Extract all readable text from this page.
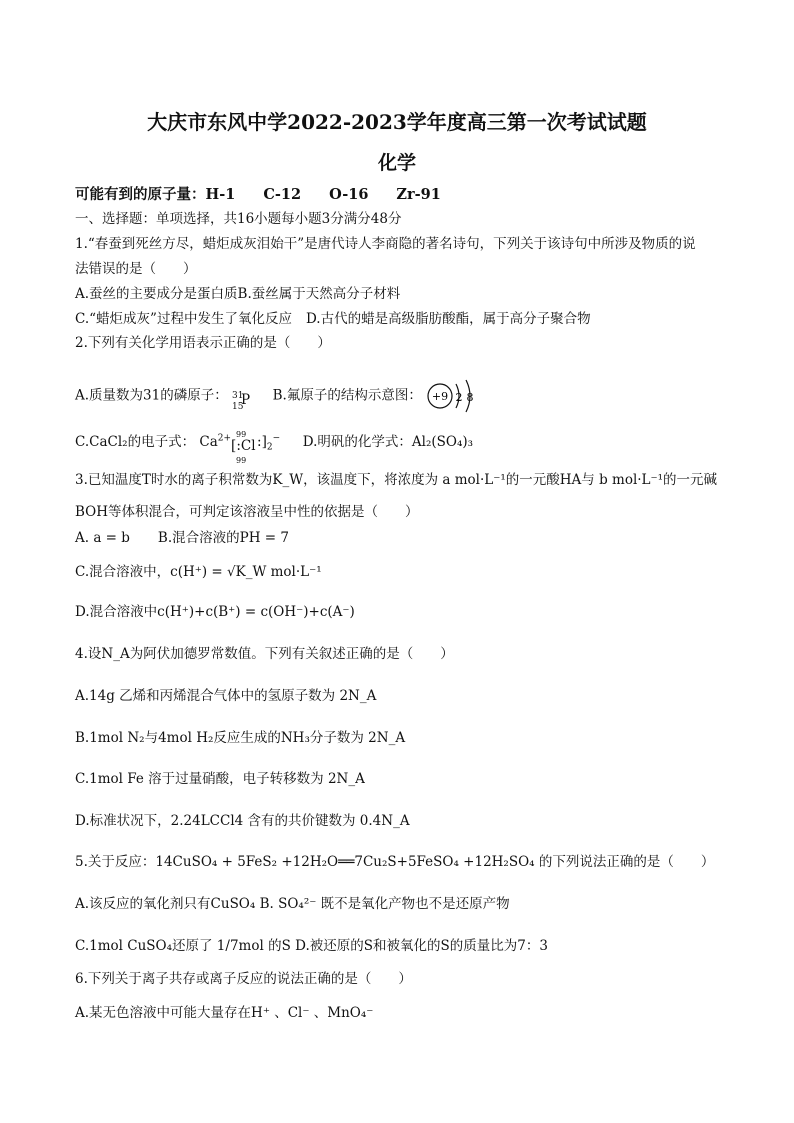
大庆市东风中学2022-2023学年度高三第一次考试试题
化学
可能有到的原子量：H-1 C-12 O-16 Zr-91
一、选择题：单项选择，共16小题每小题3分满分48分
1.“春蚕到死丝方尽，蜡炬成灰泪始干”是唐代诗人李商隐的著名诗句，下列关于该诗句中所涉及物质的说
法错误的是（　　）
A.蚕丝的主要成分是蛋白质B.蚕丝属于天然高分子材料
C.“蜡炬成灰”过程中发生了氧化反应 D.古代的蜡是高级脂肪酸酯，属于高分子聚合物
2.下列有关化学用语表示正确的是（　　）
A.质量数为31的磷原子： 31
15
P B.氟原子的结构示意图： +9 2 8
C.CaCl₂的电子式： $Ca^{2+}$ 99
[:Cl
99
$:]_2^-$ D.明矾的化学式：Al₂(SO₄)₃
3.已知温度T时水的离子积常数为K_W，该温度下，将浓度为 a mol·L⁻¹的一元酸HA与 b mol·L⁻¹的一元碱
BOH等体积混合，可判定该溶液呈中性的依据是（　　）
A. a = b B.混合溶液的PH = 7
C.混合溶液中，c(H⁺) = √K_W mol·L⁻¹
D.混合溶液中c(H⁺)+c(B⁺) = c(OH⁻)+c(A⁻)
4.设N_A为阿伏加德罗常数值。下列有关叙述正确的是（　　）
A.14g 乙烯和丙烯混合气体中的氢原子数为 2N_A
B.1mol N₂与4mol H₂反应生成的NH₃分子数为 2N_A
C.1mol Fe 溶于过量硝酸，电子转移数为 2N_A
D.标准状况下，2.24LCCl4 含有的共价键数为 0.4N_A
5.关于反应：14CuSO₄ + 5FeS₂ +12H₂O══7Cu₂S+5FeSO₄ +12H₂SO₄ 的下列说法正确的是（　　）
A.该反应的氧化剂只有CuSO₄ B. SO₄²⁻ 既不是氧化产物也不是还原产物
C.1mol CuSO₄还原了 1/7mol 的S D.被还原的S和被氧化的S的质量比为7：3
6.下列关于离子共存或离子反应的说法正确的是（　　）
A.某无色溶液中可能大量存在H⁺ 、Cl⁻ 、MnO₄⁻
